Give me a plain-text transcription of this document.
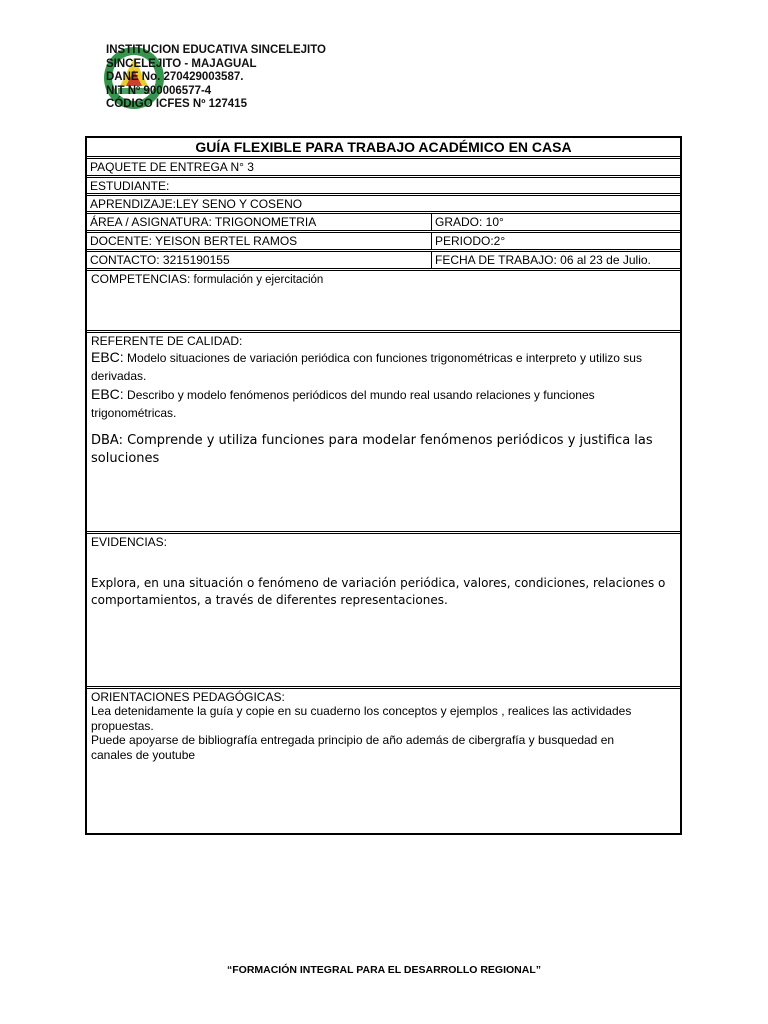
INSTITUCION EDUCATIVA SINCELEJITO
SINCELEJITO - MAJAGUAL
DANE No. 270429003587.
NIT Nº 900006577-4
CÓDIGO ICFES Nº 127415
GUÍA FLEXIBLE PARA TRABAJO ACADÉMICO EN CASA
PAQUETE DE ENTREGA N° 3
ESTUDIANTE:
APRENDIZAJE:LEY SENO Y COSENO
ÁREA / ASIGNATURA: TRIGONOMETRIA	GRADO: 10°
DOCENTE: YEISON BERTEL RAMOS	PERIODO:2°
CONTACTO: 3215190155	FECHA DE TRABAJO: 06 al 23 de Julio.
COMPETENCIAS: formulación y ejercitación
REFERENTE DE CALIDAD:
EBC: Modelo situaciones de variación periódica con funciones trigonométricas e interpreto y utilizo sus derivadas.
EBC: Describo y modelo fenómenos periódicos del mundo real usando relaciones y funciones trigonométricas.
DBA: Comprende y utiliza funciones para modelar fenómenos periódicos y justifica las soluciones
EVIDENCIAS:
Explora, en una situación o fenómeno de variación periódica, valores, condiciones, relaciones o comportamientos, a través de diferentes representaciones.
ORIENTACIONES PEDAGÓGICAS:

Lea detenidamente la guía y copie en su cuaderno los conceptos y ejemplos , realices las actividades propuestas.

Puede apoyarse de bibliografía entregada principio de año además de cibergrafía y busquedad en canales de youtube

“FORMACIÓN INTEGRAL PARA EL DESARROLLO REGIONAL”
